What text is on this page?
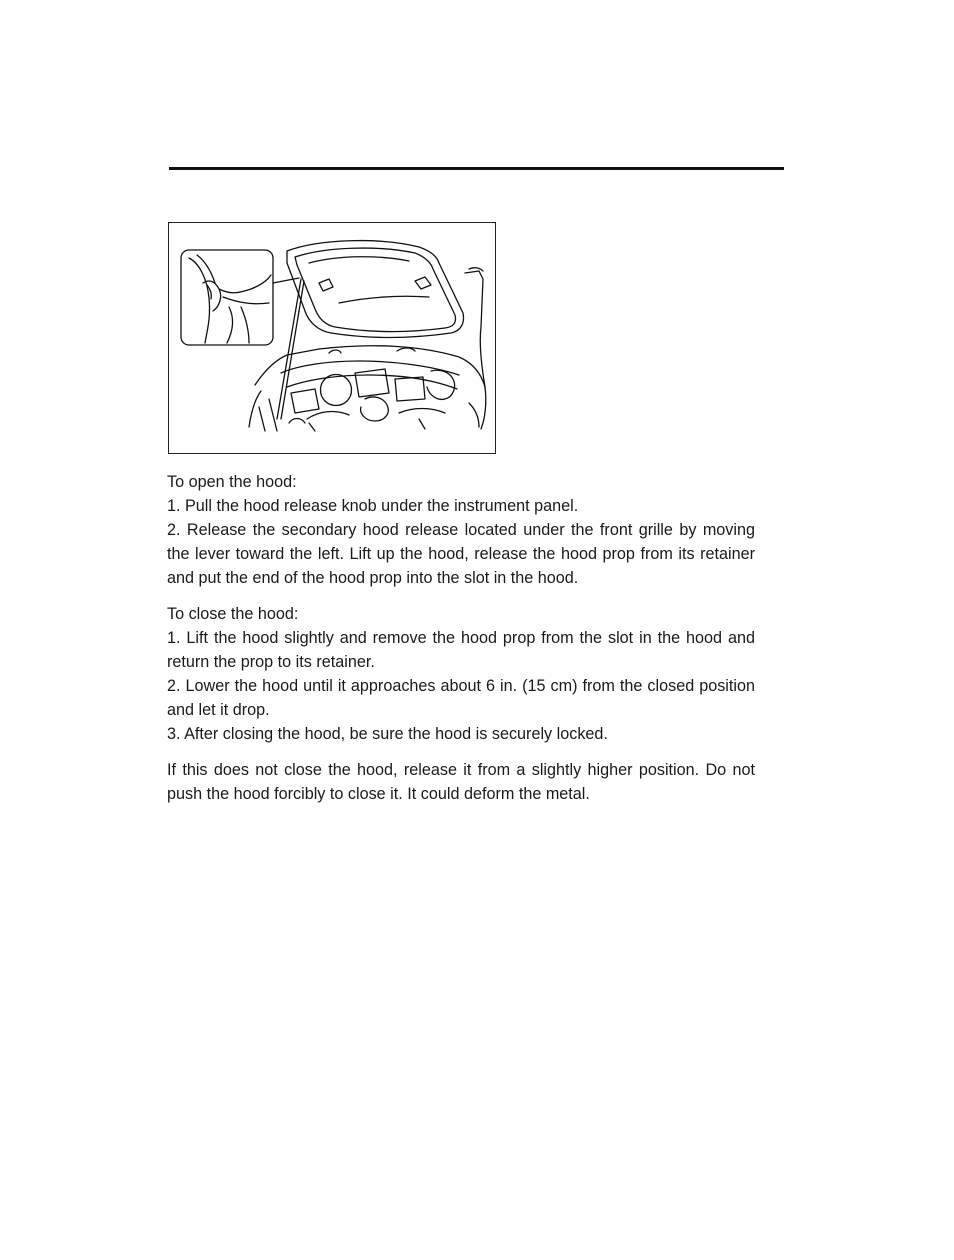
To open the hood:

1. Pull the hood release knob under the instrument panel.

2. Release the secondary hood release located under the front grille by moving the lever toward the left. Lift up the hood, release the hood prop from its retainer and put the end of the hood prop into the slot in the hood.

To close the hood:

1. Lift the hood slightly and remove the hood prop from the slot in the hood and return the prop to its retainer.

2. Lower the hood until it approaches about 6 in. (15 cm) from the closed position and let it drop.

3. After closing the hood, be sure the hood is securely locked.

If this does not close the hood, release it from a slightly higher position. Do not push the hood forcibly to close it. It could deform the metal.
